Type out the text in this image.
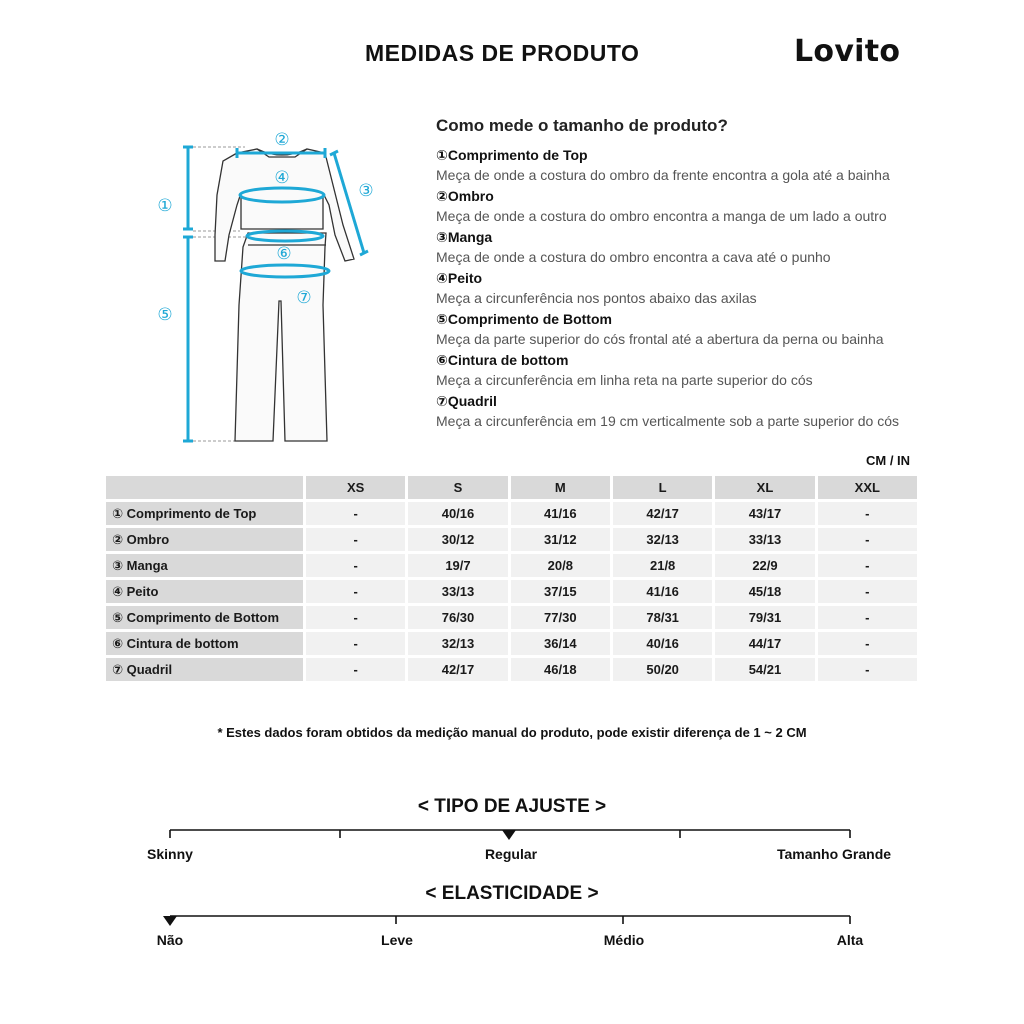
MEDIDAS DE PRODUTO	Lovito
①
②
③
④
⑤
⑥
⑦
Como mede o tamanho de produto?
①Comprimento de Top
Meça de onde a costura do ombro da frente encontra a gola até a bainha
②Ombro
Meça de onde a costura do ombro encontra a manga de um lado a outro
③Manga
Meça de onde a costura do ombro encontra a cava até o punho
④Peito
Meça a circunferência nos pontos abaixo das axilas
⑤Comprimento de Bottom
Meça da parte superior do cós frontal até a abertura da perna ou bainha
⑥Cintura de bottom
Meça a circunferência em linha reta na parte superior do cós
⑦Quadril
Meça a circunferência em 19 cm verticalmente sob a parte superior do cós
CM / IN
	XS	S	M	L	XL	XXL
① Comprimento de Top	-	40/16	41/16	42/17	43/17	-
② Ombro	-	30/12	31/12	32/13	33/13	-
③ Manga	-	19/7	20/8	21/8	22/9	-
④ Peito	-	33/13	37/15	41/16	45/18	-
⑤ Comprimento de Bottom	-	76/30	77/30	78/31	79/31	-
⑥ Cintura de bottom	-	32/13	36/14	40/16	44/17	-
⑦ Quadril	-	42/17	46/18	50/20	54/21	-
* Estes dados foram obtidos da medição manual do produto, pode existir diferença de 1 ~ 2 CM
< TIPO DE AJUSTE >
Skinny	Regular	Tamanho Grande
< ELASTICIDADE >
Não	Leve	Médio	Alta
